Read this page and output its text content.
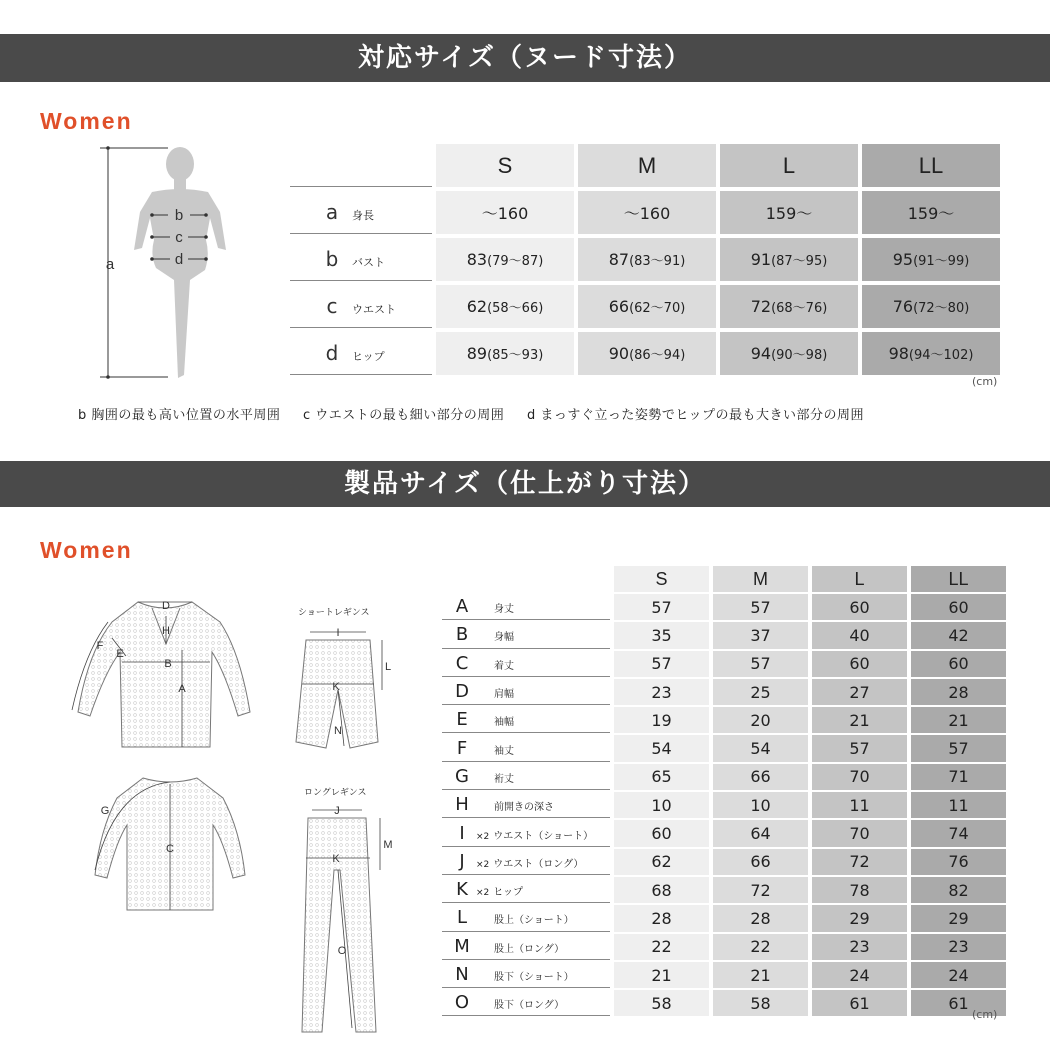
対応サイズ（ヌード寸法）
Women
a
b
c
d
	S	M	L	LL
a 身長	〜160	〜160	159〜	159〜
b バスト	83(79〜87)	87(83〜91)	91(87〜95)	95(91〜99)
c ウエスト	62(58〜66)	66(62〜70)	72(68〜76)	76(72〜80)
d ヒップ	89(85〜93)	90(86〜94)	94(90〜98)	98(94〜102)
(cm)
b 胸囲の最も高い位置の水平周囲 c ウエストの最も細い部分の周囲 d まっすぐ立った姿勢でヒップの最も大きい部分の周囲
製品サイズ（仕上がり寸法）
Women
D
H
B
A
E
F
G
C
ショートレギンス
I
L
K
N
ロングレギンス
J
M
K
O
	S	M	L	LL
A 身丈	57	57	60	60
B 身幅	35	37	40	42
C 着丈	57	57	60	60
D 肩幅	23	25	27	28
E 袖幅	19	20	21	21
F 袖丈	54	54	57	57
G 裄丈	65	66	70	71
H 前開きの深さ	10	10	11	11
I ×2 ウエスト（ショート）	60	64	70	74
J ×2 ウエスト（ロング）	62	66	72	76
K ×2 ヒップ	68	72	78	82
L 股上（ショート）	28	28	29	29
M 股上（ロング）	22	22	23	23
N 股下（ショート）	21	21	24	24
O 股下（ロング）	58	58	61	61
(cm)
